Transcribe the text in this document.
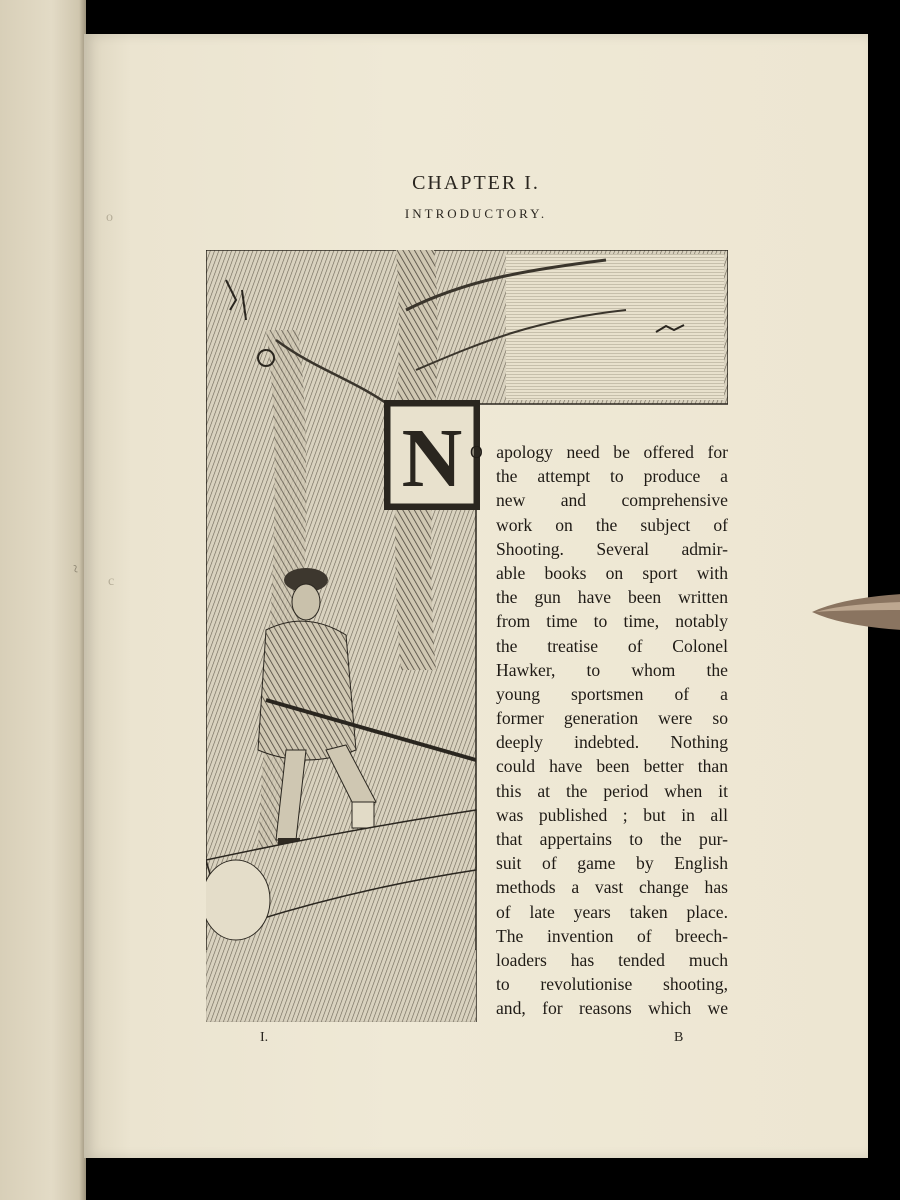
~
o
c
CHAPTER I.
INTRODUCTORY.
N O apology need be offered for
the attempt to produce a
new and comprehensive
work on the subject of
Shooting. Several admir-
able books on sport with
the gun have been written
from time to time, notably
the treatise of Colonel
Hawker, to whom the
young sportsmen of a
former generation were so
deeply indebted. Nothing
could have been better than
this at the period when it
was published ; but in all
that appertains to the pur-
suit of game by English
methods a vast change has
of late years taken place.
The invention of breech-
loaders has tended much
to revolutionise shooting,
and, for reasons which we
I.	B
